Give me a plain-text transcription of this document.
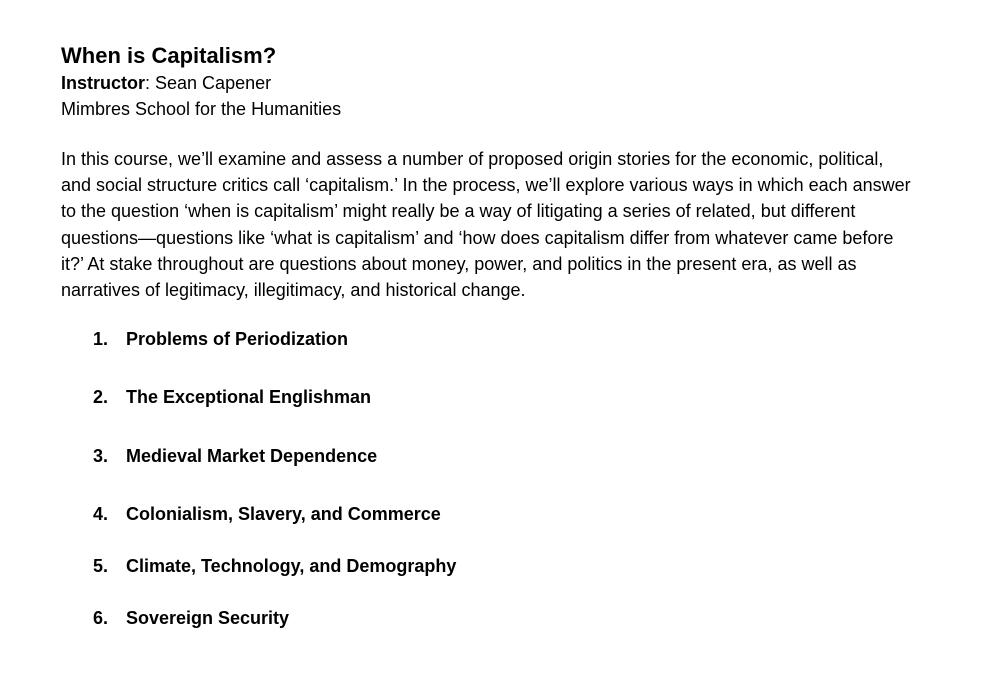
When is Capitalism?
Instructor: Sean Capener
Mimbres School for the Humanities

In this course, we’ll examine and assess a number of proposed origin stories for the economic, political, and social structure critics call ‘capitalism.’ In the process, we’ll explore various ways in which each answer to the question ‘when is capitalism’ might really be a way of litigating a series of related, but different questions—questions like ‘what is capitalism’ and ‘how does capitalism differ from whatever came before it?’ At stake throughout are questions about money, power, and politics in the present era, as well as narratives of legitimacy, illegitimacy, and historical change.

1. Problems of Periodization
2. The Exceptional Englishman
3. Medieval Market Dependence
4. Colonialism, Slavery, and Commerce
5. Climate, Technology, and Demography
6. Sovereign Security
